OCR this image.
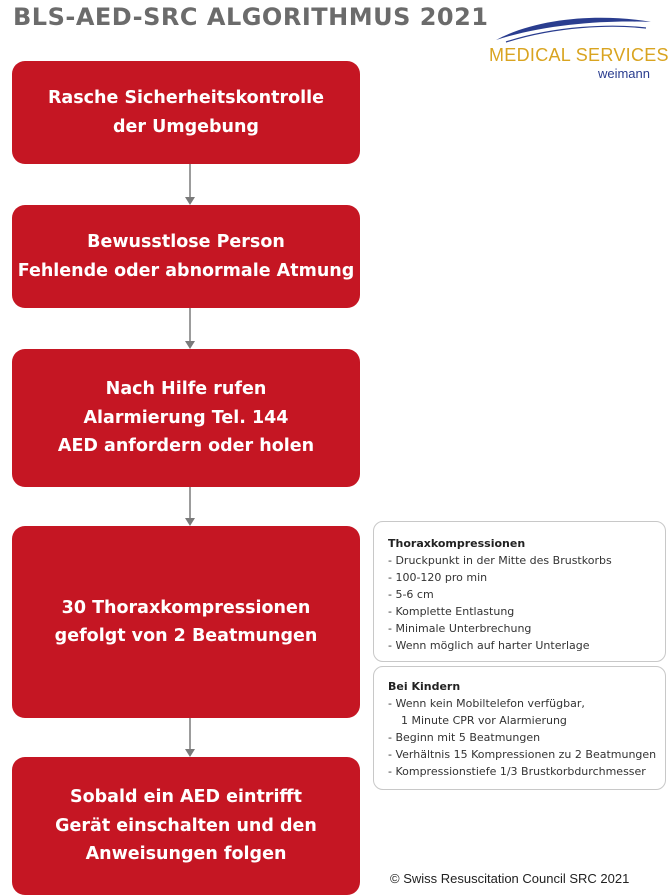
BLS-AED-SRC ALGORITHMUS 2021
MEDICAL SERVICES
weimann
Rasche Sicherheitskontrolle
der Umgebung
Bewusstlose Person
Fehlende oder abnormale Atmung
Nach Hilfe rufen
Alarmierung Tel. 144
AED anfordern oder holen
30 Thoraxkompressionen
gefolgt von 2 Beatmungen
Sobald ein AED eintrifft
Gerät einschalten und den
Anweisungen folgen
Thoraxkompressionen
- Druckpunkt in der Mitte des Brustkorbs
- 100-120 pro min
- 5-6 cm
- Komplette Entlastung
- Minimale Unterbrechung
- Wenn möglich auf harter Unterlage
Bei Kindern
- Wenn kein Mobiltelefon verfügbar,
1 Minute CPR vor Alarmierung
- Beginn mit 5 Beatmungen
- Verhältnis 15 Kompressionen zu 2 Beatmungen
- Kompressionstiefe 1/3 Brustkorbdurchmesser
© Swiss Resuscitation Council SRC 2021
